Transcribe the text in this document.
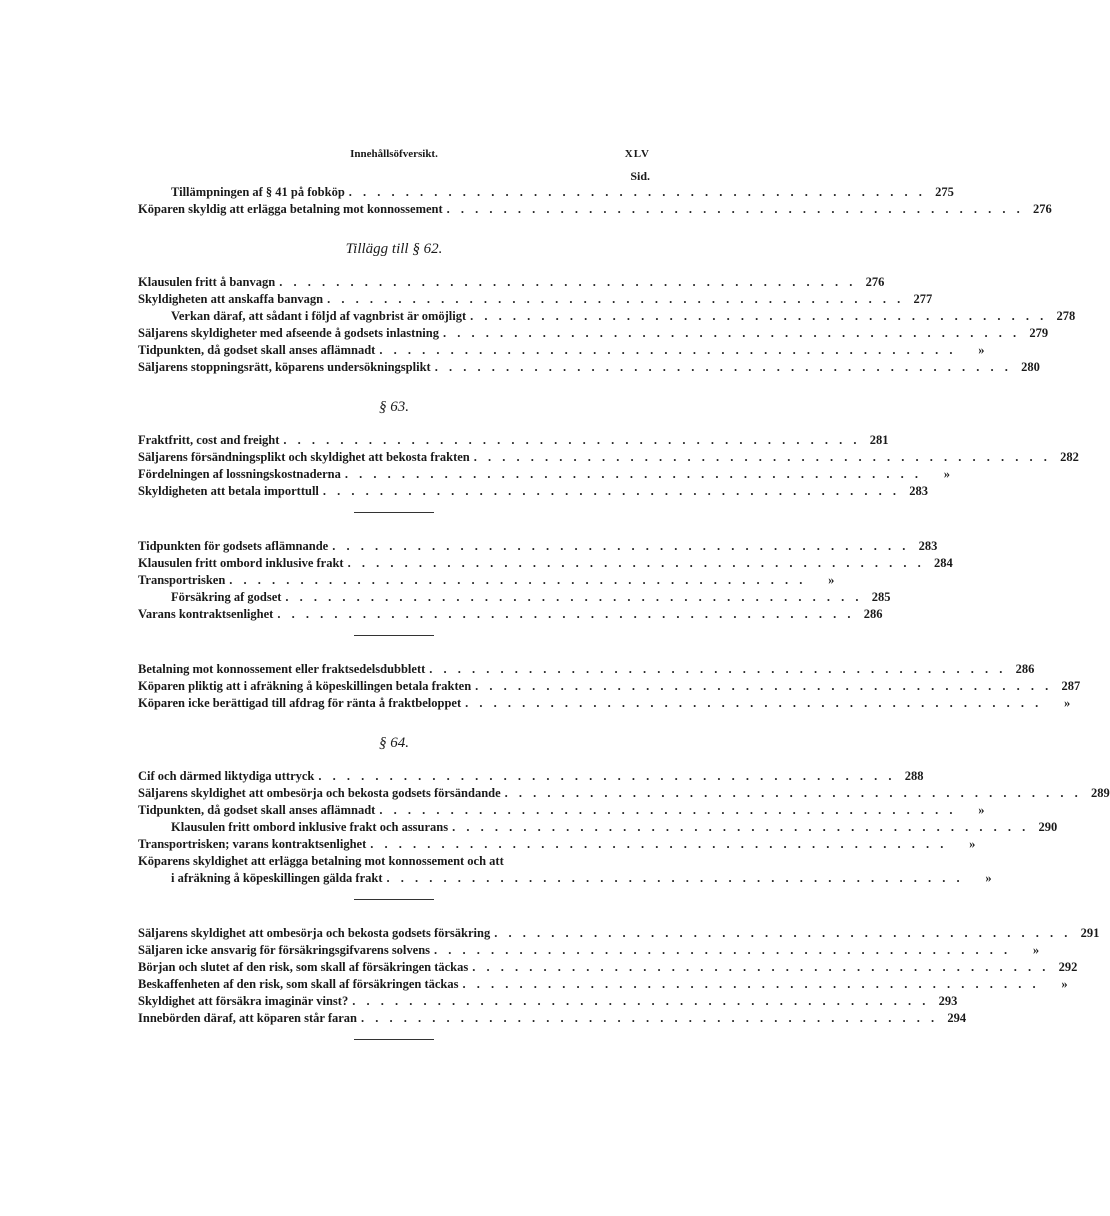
Innehållsöfversikt.	XLV
Sid.
Tillämpningen af § 41 på fobköp . . . . . . . . . . . . . . . . . . . . . . . . . . . . . . . . . . . . . . . . . 275
Köparen skyldig att erlägga betalning mot konnossement . . . . . . . . . . . . . . . . . . . . . . . . . . . . . . . . . . . . . . . . . 276
Tillägg till § 62.
Klausulen fritt å banvagn . . . . . . . . . . . . . . . . . . . . . . . . . . . . . . . . . . . . . . . . . 276
Skyldigheten att anskaffa banvagn . . . . . . . . . . . . . . . . . . . . . . . . . . . . . . . . . . . . . . . . . 277
Verkan däraf, att sådant i följd af vagnbrist är omöjligt . . . . . . . . . . . . . . . . . . . . . . . . . . . . . . . . . . . . . . . . . 278
Säljarens skyldigheter med afseende å godsets inlastning . . . . . . . . . . . . . . . . . . . . . . . . . . . . . . . . . . . . . . . . . 279
Tidpunkten, då godset skall anses aflämnadt . . . . . . . . . . . . . . . . . . . . . . . . . . . . . . . . . . . . . . . . .	»
Säljarens stoppningsrätt, köparens undersökningsplikt . . . . . . . . . . . . . . . . . . . . . . . . . . . . . . . . . . . . . . . . . 280
§ 63.
Fraktfritt, cost and freight . . . . . . . . . . . . . . . . . . . . . . . . . . . . . . . . . . . . . . . . . 281
Säljarens försändningsplikt och skyldighet att bekosta frakten . . . . . . . . . . . . . . . . . . . . . . . . . . . . . . . . . . . . . . . . . 282
Fördelningen af lossningskostnaderna . . . . . . . . . . . . . . . . . . . . . . . . . . . . . . . . . . . . . . . . .	»
Skyldigheten att betala importtull . . . . . . . . . . . . . . . . . . . . . . . . . . . . . . . . . . . . . . . . . 283
Tidpunkten för godsets aflämnande . . . . . . . . . . . . . . . . . . . . . . . . . . . . . . . . . . . . . . . . . 283
Klausulen fritt ombord inklusive frakt . . . . . . . . . . . . . . . . . . . . . . . . . . . . . . . . . . . . . . . . . 284
Transportrisken . . . . . . . . . . . . . . . . . . . . . . . . . . . . . . . . . . . . . . . . .	»
Försäkring af godset . . . . . . . . . . . . . . . . . . . . . . . . . . . . . . . . . . . . . . . . . 285
Varans kontraktsenlighet . . . . . . . . . . . . . . . . . . . . . . . . . . . . . . . . . . . . . . . . . 286
Betalning mot konnossement eller fraktsedelsdubblett . . . . . . . . . . . . . . . . . . . . . . . . . . . . . . . . . . . . . . . . . 286
Köparen pliktig att i afräkning å köpeskillingen betala frakten . . . . . . . . . . . . . . . . . . . . . . . . . . . . . . . . . . . . . . . . . 287
Köparen icke berättigad till afdrag för ränta å fraktbeloppet . . . . . . . . . . . . . . . . . . . . . . . . . . . . . . . . . . . . . . . . .	»
§ 64.
Cif och därmed liktydiga uttryck . . . . . . . . . . . . . . . . . . . . . . . . . . . . . . . . . . . . . . . . . 288
Säljarens skyldighet att ombesörja och bekosta godsets försändande . . . . . . . . . . . . . . . . . . . . . . . . . . . . . . . . . . . . . . . . . 289
Tidpunkten, då godset skall anses aflämnadt . . . . . . . . . . . . . . . . . . . . . . . . . . . . . . . . . . . . . . . . .	»
Klausulen fritt ombord inklusive frakt och assurans . . . . . . . . . . . . . . . . . . . . . . . . . . . . . . . . . . . . . . . . . 290
Transportrisken; varans kontraktsenlighet . . . . . . . . . . . . . . . . . . . . . . . . . . . . . . . . . . . . . . . . .	»
Köparens skyldighet att erlägga betalning mot konnossement och att
i afräkning å köpeskillingen gälda frakt . . . . . . . . . . . . . . . . . . . . . . . . . . . . . . . . . . . . . . . . .	»
Säljarens skyldighet att ombesörja och bekosta godsets försäkring . . . . . . . . . . . . . . . . . . . . . . . . . . . . . . . . . . . . . . . . . 291
Säljaren icke ansvarig för försäkringsgifvarens solvens . . . . . . . . . . . . . . . . . . . . . . . . . . . . . . . . . . . . . . . . .	»
Början och slutet af den risk, som skall af försäkringen täckas . . . . . . . . . . . . . . . . . . . . . . . . . . . . . . . . . . . . . . . . . 292
Beskaffenheten af den risk, som skall af försäkringen täckas . . . . . . . . . . . . . . . . . . . . . . . . . . . . . . . . . . . . . . . . .	»
Skyldighet att försäkra imaginär vinst? . . . . . . . . . . . . . . . . . . . . . . . . . . . . . . . . . . . . . . . . . 293
Innebörden däraf, att köparen står faran . . . . . . . . . . . . . . . . . . . . . . . . . . . . . . . . . . . . . . . . . 294
